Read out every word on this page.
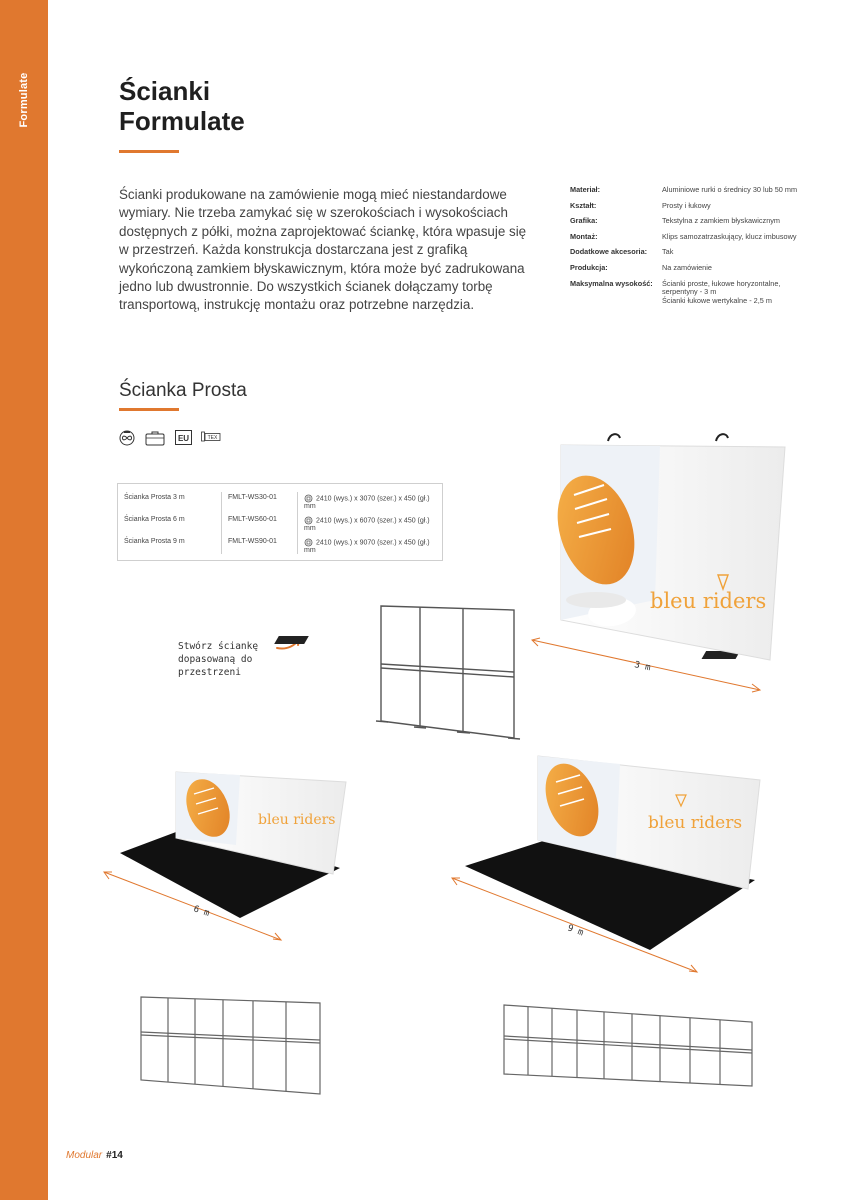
Formulate	Ścianki
Formulate

Ścianki produkowane na zamówienie mogą mieć niestandardowe wymiary. Nie trzeba zamykać się w szerokościach i wysokościach dostępnych z półki, można zaprojektować ściankę, która wpasuje się w przestrzeń. Każda konstrukcja dostarczana jest z grafiką wykończoną zamkiem błyskawicznym, która może być zadrukowana jedno lub dwustronnie. Do wszystkich ścianek dołączamy torbę transportową, instrukcję montażu oraz potrzebne narzędzia.

Materiał:	Aluminiowe rurki o średnicy 30 lub 50 mm
Kształt:	Prosty i łukowy
Grafika:	Tekstylna z zamkiem błyskawicznym
Montaż:	Klips samozatrzaskujący, klucz imbusowy
Dodatkowe akcesoria:	Tak
Produkcja:	Na zamówienie
Maksymalna wysokość:	Ścianki proste, łukowe horyzontalne, serpentyny - 3 m
Ścianki łukowe wertykalne - 2,5 m
Ścianka Prosta
EU	TEX
Ścianka Prosta 3 m	FMLT-WS30-01	2410 (wys.) x 3070 (szer.) x 450 (gł.) mm
Ścianka Prosta 6 m	FMLT-WS60-01	2410 (wys.) x 6070 (szer.) x 450 (gł.) mm
Ścianka Prosta 9 m	FMLT-WS90-01	2410 (wys.) x 9070 (szer.) x 450 (gł.) mm
Stwórz ściankę
dopasowaną do
przestrzeni
bleu riders
3 m
bleu riders
6 m
bleu riders
9 m
Modular #14
